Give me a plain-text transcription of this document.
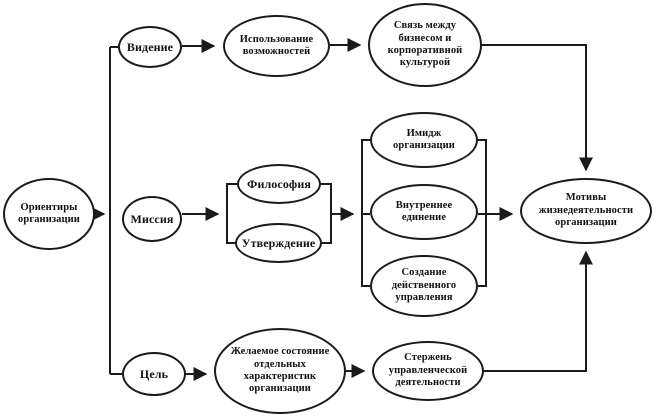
Ориентиры организации
Видение
Использование возможностей
Связь между бизнесом и корпоративной культурой
Миссия
Философия
Утверждение
Имидж организации
Внутреннее единение
Создание действенного управления
Мотивы жизнедеятельности организации
Цель
Желаемое состояние отдельных характеристик организации
Стержень управленческой деятельности
